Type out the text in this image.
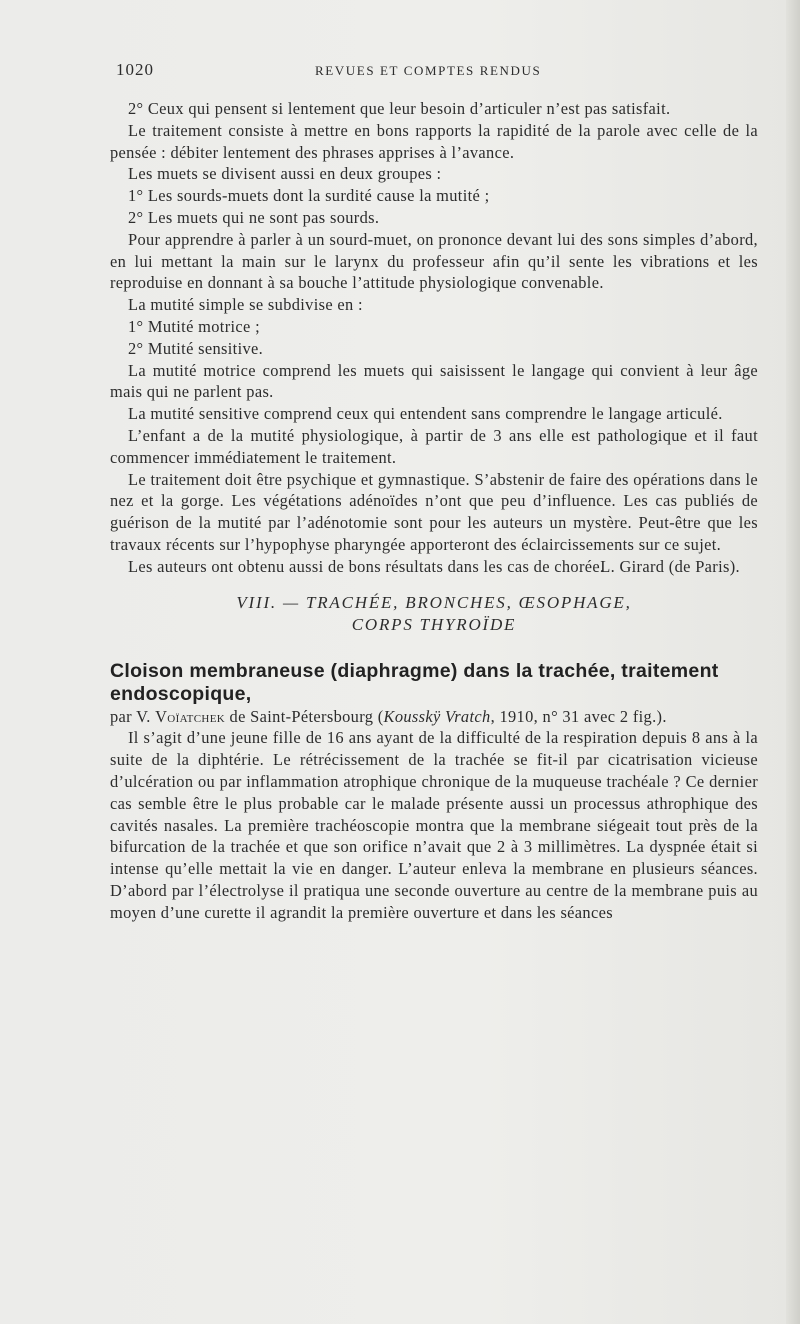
1020	REVUES ET COMPTES RENDUS

2° Ceux qui pensent si lentement que leur besoin d’articuler n’est pas satisfait.

Le traitement consiste à mettre en bons rapports la rapidité de la parole avec celle de la pensée : débiter lentement des phrases apprises à l’avance.

Les muets se divisent aussi en deux groupes :

1° Les sourds-muets dont la surdité cause la mutité ;

2° Les muets qui ne sont pas sourds.

Pour apprendre à parler à un sourd-muet, on prononce devant lui des sons simples d’abord, en lui mettant la main sur le larynx du professeur afin qu’il sente les vibrations et les reproduise en donnant à sa bouche l’attitude physiologique convenable.

La mutité simple se subdivise en :

1° Mutité motrice ;

2° Mutité sensitive.

La mutité motrice comprend les muets qui saisissent le langage qui convient à leur âge mais qui ne parlent pas.

La mutité sensitive comprend ceux qui entendent sans comprendre le langage articulé.

L’enfant a de la mutité physiologique, à partir de 3 ans elle est pathologique et il faut commencer immédiatement le traitement.

Le traitement doit être psychique et gymnastique. S’abstenir de faire des opérations dans le nez et la gorge. Les végétations adénoïdes n’ont que peu d’influence. Les cas publiés de guérison de la mutité par l’adénotomie sont pour les auteurs un mystère. Peut-être que les travaux récents sur l’hypophyse pharyngée apporteront des éclaircissements sur ce sujet.

Les auteurs ont obtenu aussi de bons résultats dans les cas de chorée.

L. Girard (de Paris).

VIII. — TRACHÉE, BRONCHES, ŒSOPHAGE,
CORPS THYROÏDE

Cloison membraneuse (diaphragme) dans la trachée, traitement endoscopique,

par V. Voïatchek de Saint-Pétersbourg (Kousskÿ Vratch, 1910, n° 31 avec 2 fig.).

Il s’agit d’une jeune fille de 16 ans ayant de la difficulté de la respiration depuis 8 ans à la suite de la diphtérie. Le rétrécissement de la trachée se fit-il par cicatrisation vicieuse d’ulcération ou par inflammation atrophique chronique de la muqueuse trachéale ? Ce dernier cas semble être le plus probable car le malade présente aussi un processus athrophique des cavités nasales. La première trachéoscopie montra que la membrane siégeait tout près de la bifurcation de la trachée et que son orifice n’avait que 2 à 3 millimètres. La dyspnée était si intense qu’elle mettait la vie en danger. L’auteur enleva la membrane en plusieurs séances. D’abord par l’électrolyse il pratiqua une seconde ouverture au centre de la membrane puis au moyen d’une curette il agrandit la première ouverture et dans les séances
